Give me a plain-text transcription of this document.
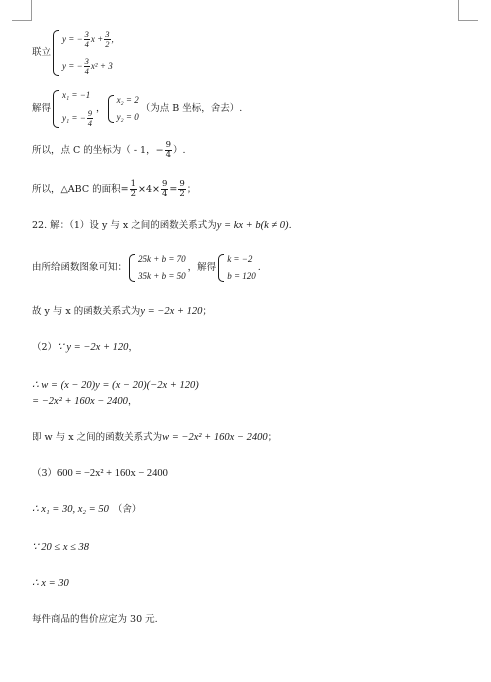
联立
y = − $\frac{3}{4}$ $x + \frac{3}{2}$ ,
y = − $\frac{3}{4} x^2 + 3$
解得
x₁ = −1
y₁ = − $\frac{9}{4}$
，
x₂ = 2
y₂ = 0
（为点 B 坐标，舍去）.
所以，点 C 的坐标为（ - 1，− $\frac{9}{4}$ ）.
所以，△ABC 的面积= $\frac{1}{2} \times 4\times \frac{9}{4} = \frac{9}{2}$ ；
22. 解：（1）设 y 与 x 之间的函数关系式为 y = kx + b(k ≠ 0) .
由所给函数图象可知：
25k + b = 70
35k + b = 50
，解得
k = −2
b = 120
.
故 y 与 x 的函数关系式为 y = −2x + 120 ；
（2） ∵ y = −2x + 120 ，
∴ w = (x − 20)y = (x − 20)(−2x + 120)
= −2x² + 160x − 2400 ，
即 w 与 x 之间的函数关系式为 w = −2x² + 160x − 2400 ；
（3） 600 = −2x² + 160x − 2400
∴ x₁ = 30, x₂ = 50 （舍）
∵ 20 ≤ x ≤ 38
∴ x = 30
每件商品的售价应定为 30 元.
